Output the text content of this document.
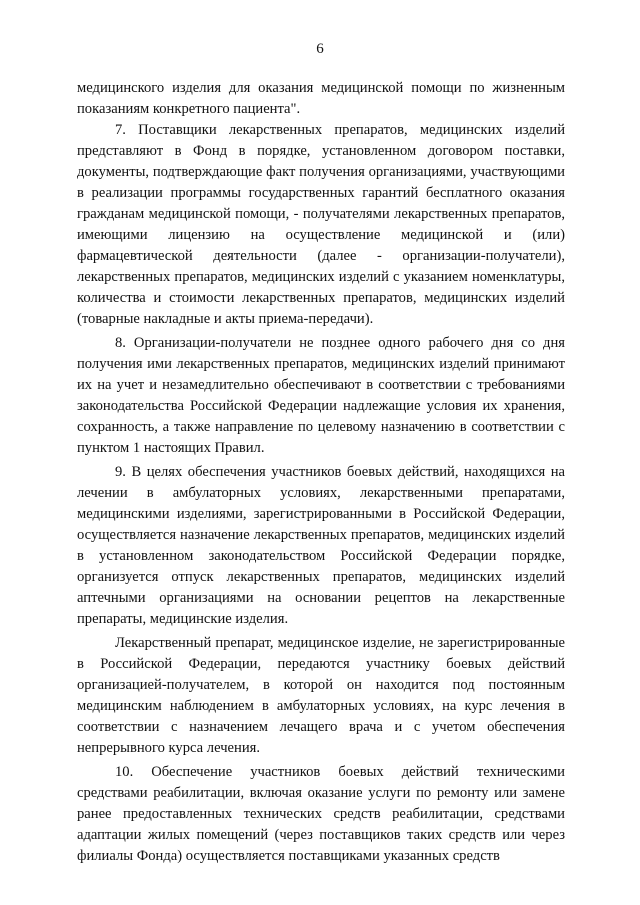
6

медицинского изделия для оказания медицинской помощи по жизненным показаниям конкретного пациента".

7. Поставщики лекарственных препаратов, медицинских изделий представляют в Фонд в порядке, установленном договором поставки, документы, подтверждающие факт получения организациями, участвующими в реализации программы государственных гарантий бесплатного оказания гражданам медицинской помощи, - получателями лекарственных препаратов, имеющими лицензию на осуществление медицинской и (или) фармацевтической деятельности (далее - организации-получатели), лекарственных препаратов, медицинских изделий с указанием номенклатуры, количества и стоимости лекарственных препаратов, медицинских изделий (товарные накладные и акты приема-передачи).

8. Организации-получатели не позднее одного рабочего дня со дня получения ими лекарственных препаратов, медицинских изделий принимают их на учет и незамедлительно обеспечивают в соответствии с требованиями законодательства Российской Федерации надлежащие условия их хранения, сохранность, а также направление по целевому назначению в соответствии с пунктом 1 настоящих Правил.

9. В целях обеспечения участников боевых действий, находящихся на лечении в амбулаторных условиях, лекарственными препаратами, медицинскими изделиями, зарегистрированными в Российской Федерации, осуществляется назначение лекарственных препаратов, медицинских изделий в установленном законодательством Российской Федерации порядке, организуется отпуск лекарственных препаратов, медицинских изделий аптечными организациями на основании рецептов на лекарственные препараты, медицинские изделия.

Лекарственный препарат, медицинское изделие, не зарегистрированные в Российской Федерации, передаются участнику боевых действий организацией-получателем, в которой он находится под постоянным медицинским наблюдением в амбулаторных условиях, на курс лечения в соответствии с назначением лечащего врача и с учетом обеспечения непрерывного курса лечения.

10. Обеспечение участников боевых действий техническими средствами реабилитации, включая оказание услуги по ремонту или замене ранее предоставленных технических средств реабилитации, средствами адаптации жилых помещений (через поставщиков таких средств или через филиалы Фонда) осуществляется поставщиками указанных средств
